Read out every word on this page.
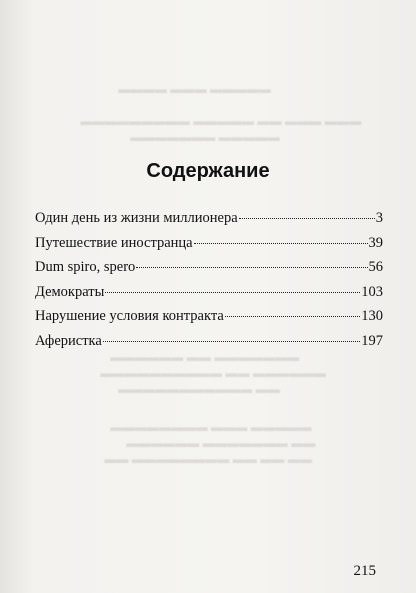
▬▬▬▬▬ ▬▬▬ ▬▬▬▬
▬▬▬ ▬▬▬ ▬▬ ▬▬▬▬▬ ▬▬▬▬▬▬▬▬▬
▬▬▬▬▬ ▬▬▬▬▬▬▬
▬▬▬▬▬▬▬ ▬▬ ▬▬▬▬▬▬
▬▬▬▬▬▬ ▬▬ ▬▬▬▬▬▬▬▬▬▬
▬▬ ▬▬▬▬▬▬▬▬▬▬▬
▬▬▬▬▬ ▬▬▬ ▬▬▬▬▬▬▬▬
▬▬ ▬▬▬▬▬▬▬ ▬▬▬▬▬▬
▬▬ ▬▬ ▬▬ ▬▬▬▬▬▬▬▬ ▬▬
Содержание
Один день из жизни миллионера	3
Путешествие иностранца	39
Dum spiro, spero	56
Демократы	103
Нарушение условия контракта	130
Аферистка	197
215
